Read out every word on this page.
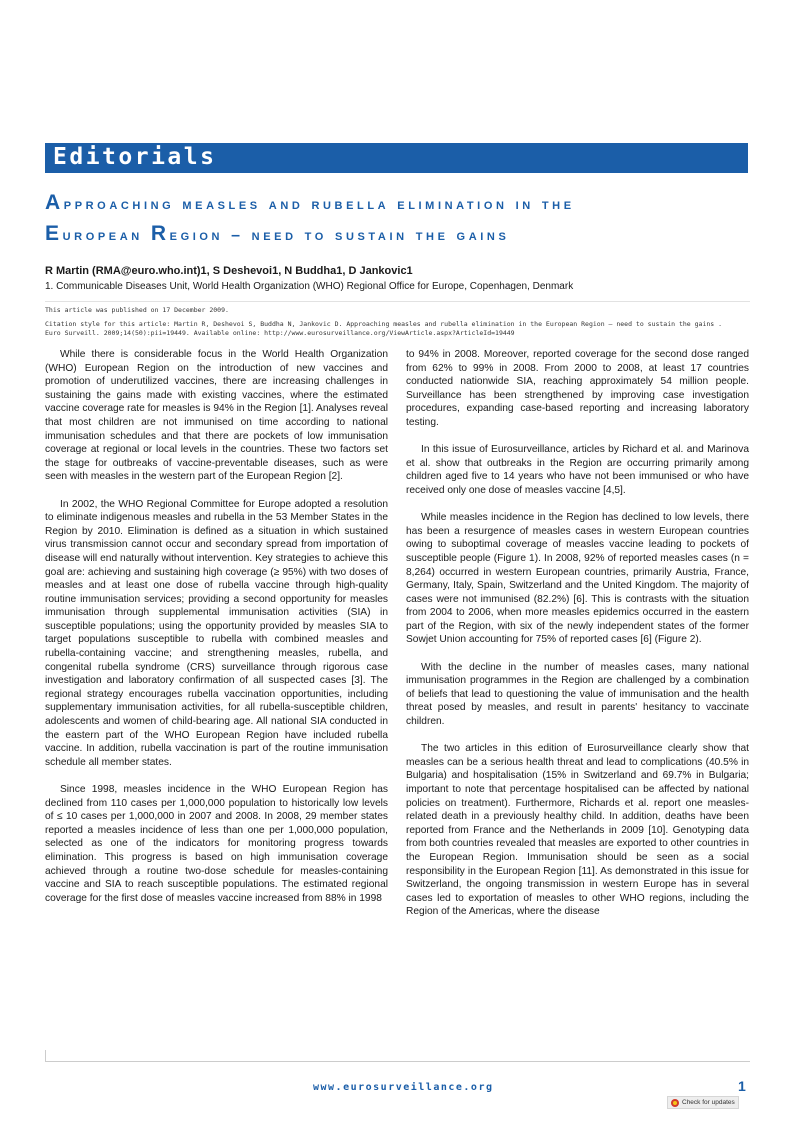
Editorials
Approaching measles and rubella elimination in the
European Region – need to sustain the gains
R Martin (RMA@euro.who.int)1, S Deshevoi1, N Buddha1, D Jankovic1
1. Communicable Diseases Unit, World Health Organization (WHO) Regional Office for Europe, Copenhagen, Denmark

This article was published on 17 December 2009.

Citation style for this article: Martin R, Deshevoi S, Buddha N, Jankovic D. Approaching measles and rubella elimination in the European Region – need to sustain the gains .

Euro Surveill. 2009;14(50):pii=19449. Available online: http://www.eurosurveillance.org/ViewArticle.aspx?ArticleId=19449

While there is considerable focus in the World Health Organization (WHO) European Region on the introduction of new vaccines and promotion of underutilized vaccines, there are increasing challenges in sustaining the gains made with existing vaccines, where the estimated vaccine coverage rate for measles is 94% in the Region [1]. Analyses reveal that most children are not immunised on time according to national immunisation schedules and that there are pockets of low immunisation coverage at regional or local levels in the countries. These two factors set the stage for outbreaks of vaccine-preventable diseases, such as were seen with measles in the western part of the European Region [2].

In 2002, the WHO Regional Committee for Europe adopted a resolution to eliminate indigenous measles and rubella in the 53 Member States in the Region by 2010. Elimination is defined as a situation in which sustained virus transmission cannot occur and secondary spread from importation of disease will end naturally without intervention. Key strategies to achieve this goal are: achieving and sustaining high coverage (≥ 95%) with two doses of measles and at least one dose of rubella vaccine through high-quality routine immunisation services; providing a second opportunity for measles immunisation through supplemental immunisation activities (SIA) in susceptible populations; using the opportunity provided by measles SIA to target populations susceptible to rubella with combined measles and rubella-containing vaccine; and strengthening measles, rubella, and congenital rubella syndrome (CRS) surveillance through rigorous case investigation and laboratory confirmation of all suspected cases [3]. The regional strategy encourages rubella vaccination opportunities, including supplementary immunisation activities, for all rubella-susceptible children, adolescents and women of child-bearing age. All national SIA conducted in the eastern part of the WHO European Region have included rubella vaccine. In addition, rubella vaccination is part of the routine immunisation schedule all member states.

Since 1998, measles incidence in the WHO European Region has declined from 110 cases per 1,000,000 population to historically low levels of ≤ 10 cases per 1,000,000 in 2007 and 2008. In 2008, 29 member states reported a measles incidence of less than one per 1,000,000 population, selected as one of the indicators for monitoring progress towards elimination. This progress is based on high immunisation coverage achieved through a routine two-dose schedule for measles-containing vaccine and SIA to reach susceptible populations. The estimated regional coverage for the first dose of measles vaccine increased from 88% in 1998

to 94% in 2008. Moreover, reported coverage for the second dose ranged from 62% to 99% in 2008. From 2000 to 2008, at least 17 countries conducted nationwide SIA, reaching approximately 54 million people. Surveillance has been strengthened by improving case investigation procedures, expanding case-based reporting and increasing laboratory testing.

In this issue of Eurosurveillance, articles by Richard et al. and Marinova et al. show that outbreaks in the Region are occurring primarily among children aged five to 14 years who have not been immunised or who have received only one dose of measles vaccine [4,5].

While measles incidence in the Region has declined to low levels, there has been a resurgence of measles cases in western European countries owing to suboptimal coverage of measles vaccine leading to pockets of susceptible people (Figure 1). In 2008, 92% of reported measles cases (n = 8,264) occurred in western European countries, primarily Austria, France, Germany, Italy, Spain, Switzerland and the United Kingdom. The majority of cases were not immunised (82.2%) [6]. This is contrasts with the situation from 2004 to 2006, when more measles epidemics occurred in the eastern part of the Region, with six of the newly independent states of the former Sowjet Union accounting for 75% of reported cases [6] (Figure 2).

With the decline in the number of measles cases, many national immunisation programmes in the Region are challenged by a combination of beliefs that lead to questioning the value of immunisation and the health threat posed by measles, and result in parents' hesitancy to vaccinate children.

The two articles in this edition of Eurosurveillance clearly show that measles can be a serious health threat and lead to complications (40.5% in Bulgaria) and hospitalisation (15% in Switzerland and 69.7% in Bulgaria; important to note that percentage hospitalised can be affected by national policies on treatment). Furthermore, Richards et al. report one measles-related death in a previously healthy child. In addition, deaths have been reported from France and the Netherlands in 2009 [10]. Genotyping data from both countries revealed that measles are exported to other countries in the European Region. Immunisation should be seen as a social responsibility in the European Region [11]. As demonstrated in this issue for Switzerland, the ongoing transmission in western Europe has in several cases led to exportation of measles to other WHO regions, including the Region of the Americas, where the disease

www.eurosurveillance.org	1
Check for updates
